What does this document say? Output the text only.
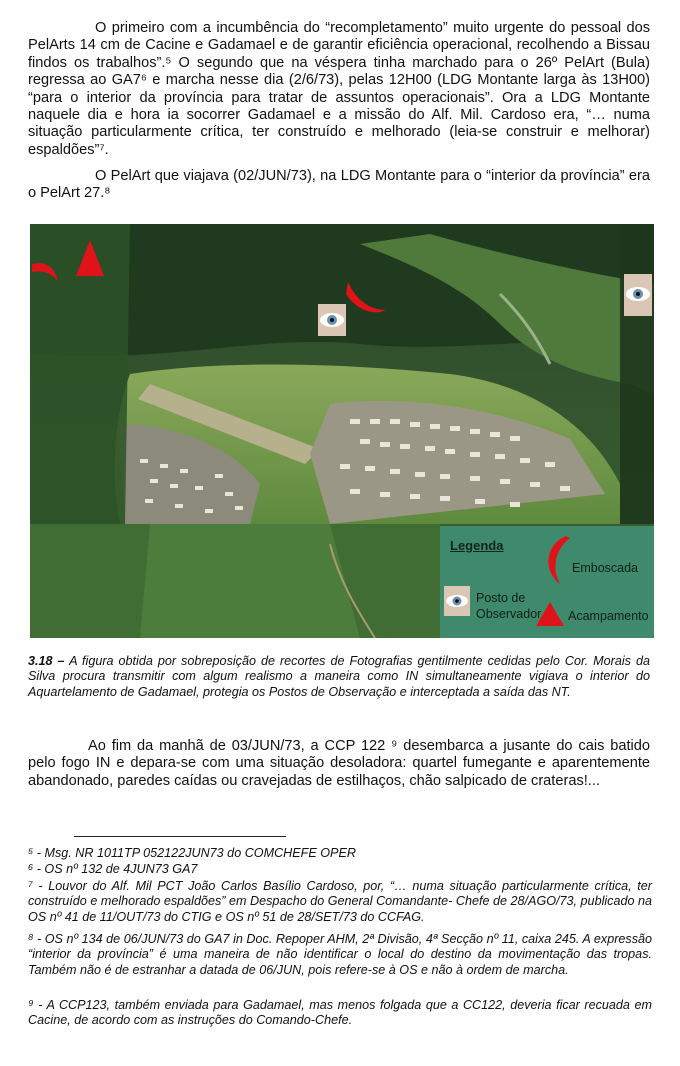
O primeiro com a incumbência do “recompletamento” muito urgente do pessoal dos PelArts 14 cm de Cacine e Gadamael e de garantir eficiência operacional, recolhendo a Bissau findos os trabalhos”.⁵ O segundo que na véspera tinha marchado para o 26º PelArt (Bula) regressa ao GA7⁶ e marcha nesse dia (2/6/73), pelas 12H00 (LDG Montante larga às 13H00) “para o interior da província para tratar de assuntos operacionais”. Ora a LDG Montante naquele dia e hora ia socorrer Gadamael e a missão do Alf. Mil. Cardoso era, “… numa situação particularmente crítica, ter construído e melhorado (leia-se construir e melhorar) espaldões”⁷.

O PelArt que viajava (02/JUN/73), na LDG Montante para o “interior da província” era o PelArt 27.⁸

Legenda
Posto de Observador
Emboscada
Acampamento

3.18 – A figura obtida por sobreposição de recortes de Fotografias gentilmente cedidas pelo Cor. Morais da Silva procura transmitir com algum realismo a maneira como IN simultaneamente vigiava o interior do Aquartelamento de Gadamael, protegia os Postos de Observação e interceptada a saída das NT.

Ao fim da manhã de 03/JUN/73, a CCP 122 ⁹ desembarca a jusante do cais batido pelo fogo IN e depara-se com uma situação desoladora: quartel fumegante e aparentemente abandonado, paredes caídas ou cravejadas de estilhaços, chão salpicado de crateras!...

⁵ - Msg. NR 1011TP 052122JUN73 do COMCHEFE OPER

⁶ - OS nº 132 de 4JUN73 GA7

⁷ - Louvor do Alf. Mil PCT João Carlos Basílio Cardoso, por, “… numa situação particularmente crítica, ter construído e melhorado espaldões” em Despacho do General Comandante- Chefe de 28/AGO/73, publicado na OS nº 41 de 11/OUT/73 do CTIG e OS nº 51 de 28/SET/73 do CCFAG.

⁸ - OS nº 134 de 06/JUN/73 do GA7 in Doc. Repoper AHM, 2ª Divisão, 4ª Secção nº 11, caixa 245. A expressão “interior da província” é uma maneira de não identificar o local do destino da movimentação das tropas. Também não é de estranhar a datada de 06/JUN, pois refere-se à OS e não à ordem de marcha.

⁹ - A CCP123, também enviada para Gadamael, mas menos folgada que a CC122, deveria ficar recuada em Cacine, de acordo com as instruções do Comando-Chefe.
